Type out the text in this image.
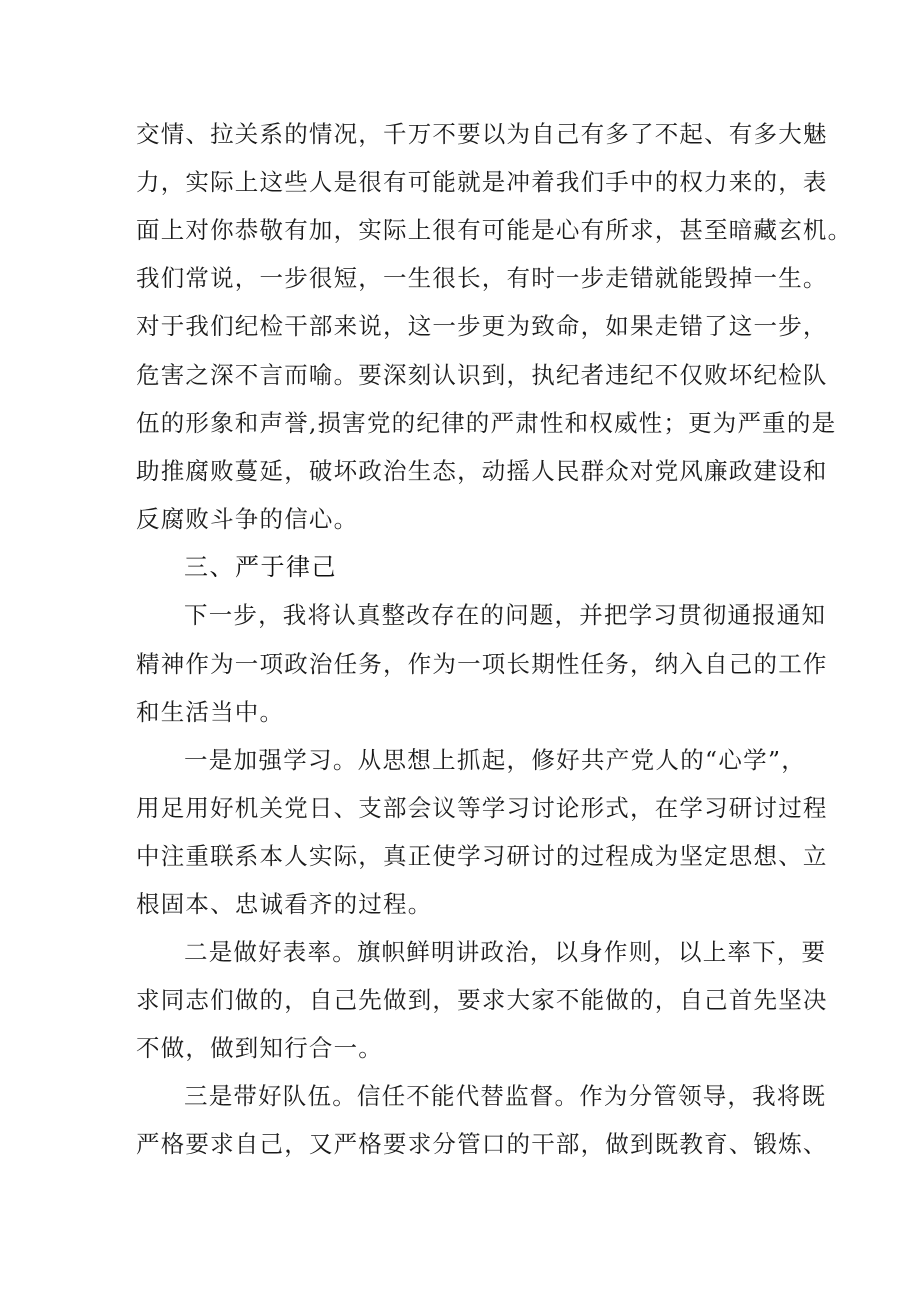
交情、拉关系的情况，千万不要以为自己有多了不起、有多大魅
力，实际上这些人是很有可能就是冲着我们手中的权力来的，表
面上对你恭敬有加，实际上很有可能是心有所求，甚至暗藏玄机。
我们常说，一步很短，一生很长，有时一步走错就能毁掉一生。
对于我们纪检干部来说，这一步更为致命，如果走错了这一步，
危害之深不言而喻。要深刻认识到，执纪者违纪不仅败坏纪检队
伍的形象和声誉,损害党的纪律的严肃性和权威性；更为严重的是
助推腐败蔓延，破坏政治生态，动摇人民群众对党风廉政建设和
反腐败斗争的信心。
三、严于律己
下一步，我将认真整改存在的问题，并把学习贯彻通报通知
精神作为一项政治任务，作为一项长期性任务，纳入自己的工作
和生活当中。
一是加强学习。从思想上抓起，修好共产党人的“心学”，
用足用好机关党日、支部会议等学习讨论形式，在学习研讨过程
中注重联系本人实际，真正使学习研讨的过程成为坚定思想、立
根固本、忠诚看齐的过程。
二是做好表率。旗帜鲜明讲政治，以身作则，以上率下，要
求同志们做的，自己先做到，要求大家不能做的，自己首先坚决
不做，做到知行合一。
三是带好队伍。信任不能代替监督。作为分管领导，我将既
严格要求自己，又严格要求分管口的干部，做到既教育、锻炼、
